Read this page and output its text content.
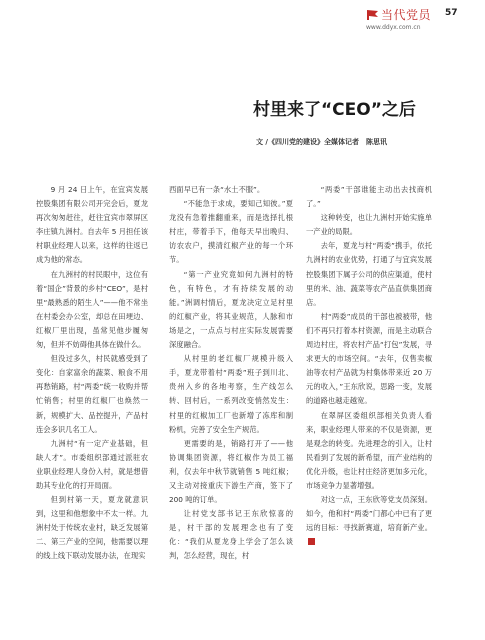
当代党员
www.ddyx.com.cn
57
村里来了“CEO”之后
文 /《四川党的建设》全媒体记者　陈思讯

9 月 24 日上午，在宜宾发展控股集团有限公司开完会后，夏龙再次匆匆赶往，赶往宜宾市翠屏区李庄镇九洲村。自去年 5 月担任该村职业经理人以来，这样的往返已成为他的常态。

在九洲村的村民眼中，这位有着“国企”背景的乡村“CEO”，是村里“最熟悉的陌生人”——他不常坐在村委会办公室，却总在田埂边、红椒厂里出现，虽常见他步履匆匆，但并不妨碍他具体在做什么。

但没过多久，村民就感受到了变化：自家富余的蔬菜、粮食不用再愁销路，村“两委”统一收购并帮忙销售；村里的红椒厂也焕然一新，规模扩大、品控提升，产品村连会多识几名工人。

九洲村“有一定产业基础，但缺人才”。市委组织部通过派驻农业职业经理人身份入村，就是想借助其专业化的打开局面。

但到村第一天，夏龙就意识到，这里和他想象中不太一样。九洲村处于传统农业村，缺乏发展第二、第三产业的空间，他需要以理的线上线下联动发展办法，在现实

西面早已有一条“水土不服”。

“不能急于求成，要知己知彼。”夏龙没有急着推翻重来，而是选择扎根村庄，带着手下，他每天早出晚归、访农农户，摸清红椒产业的每一个环节。

“第一产业究竟如何九洲村的特色，有特色，才有持续发展的动能。”洲调村情后，夏龙决定立足村里的红椒产业，将其业规范，人脉和市场是之，一点点与村庄实际发展需要深度融合。

从村里的老红椒厂规模升级入手，夏龙带着村“两委”班子到川北、贵州入乡的各地考察，生产线怎么转、回村后，一系列改变悄然发生：村里的红椒加工厂也新增了冻库和制粉机，完善了安全生产规范。

更需要的是，销路打开了——他协调集团资源，将红椒作为员工福利，仅去年中秋节就销售 5 吨红椒；又主动对接重庆下游生产商，签下了 200 吨的订单。

让村党支部书记王东欣惊喜的是，村干部的发展理念也有了变化：“我们从夏龙身上学会了怎么谈判，怎么经营，现在，村

“两委”干部谁能主动出去找商机了。”

这种转变，也让九洲村开始实施单一产业的局限。

去年，夏龙与村“两委”携手，依托九洲村的农业优势，打通了与宜宾发展控股集团下属子公司的供应渠道，使村里的米、油、蔬菜等农产品直供集团商店。

村“两委”成员的干部也被被带，他们不再只打着本村资源，而是主动联合周边村庄，将农村产品“打包”发展，寻求更大的市场空间。“去年，仅售卖椒油等农村产品就为村集体带来近 20 万元的收入，”王东欣说，思路一变，发展的道路也越走越宽。

在翠屏区委组织部相关负责人看来，职业经理人带来的不仅是资源，更是观念的转变。先进理念的引入，让村民看到了发展的新希望，而产业结构的优化升级，也让村庄经济更加多元化，市场竞争力显著增强。

对这一点，王东欣等党支员深刻。如今，他和村“两委”门都心中已有了更远的目标：寻找新赛道，培育新产业。
